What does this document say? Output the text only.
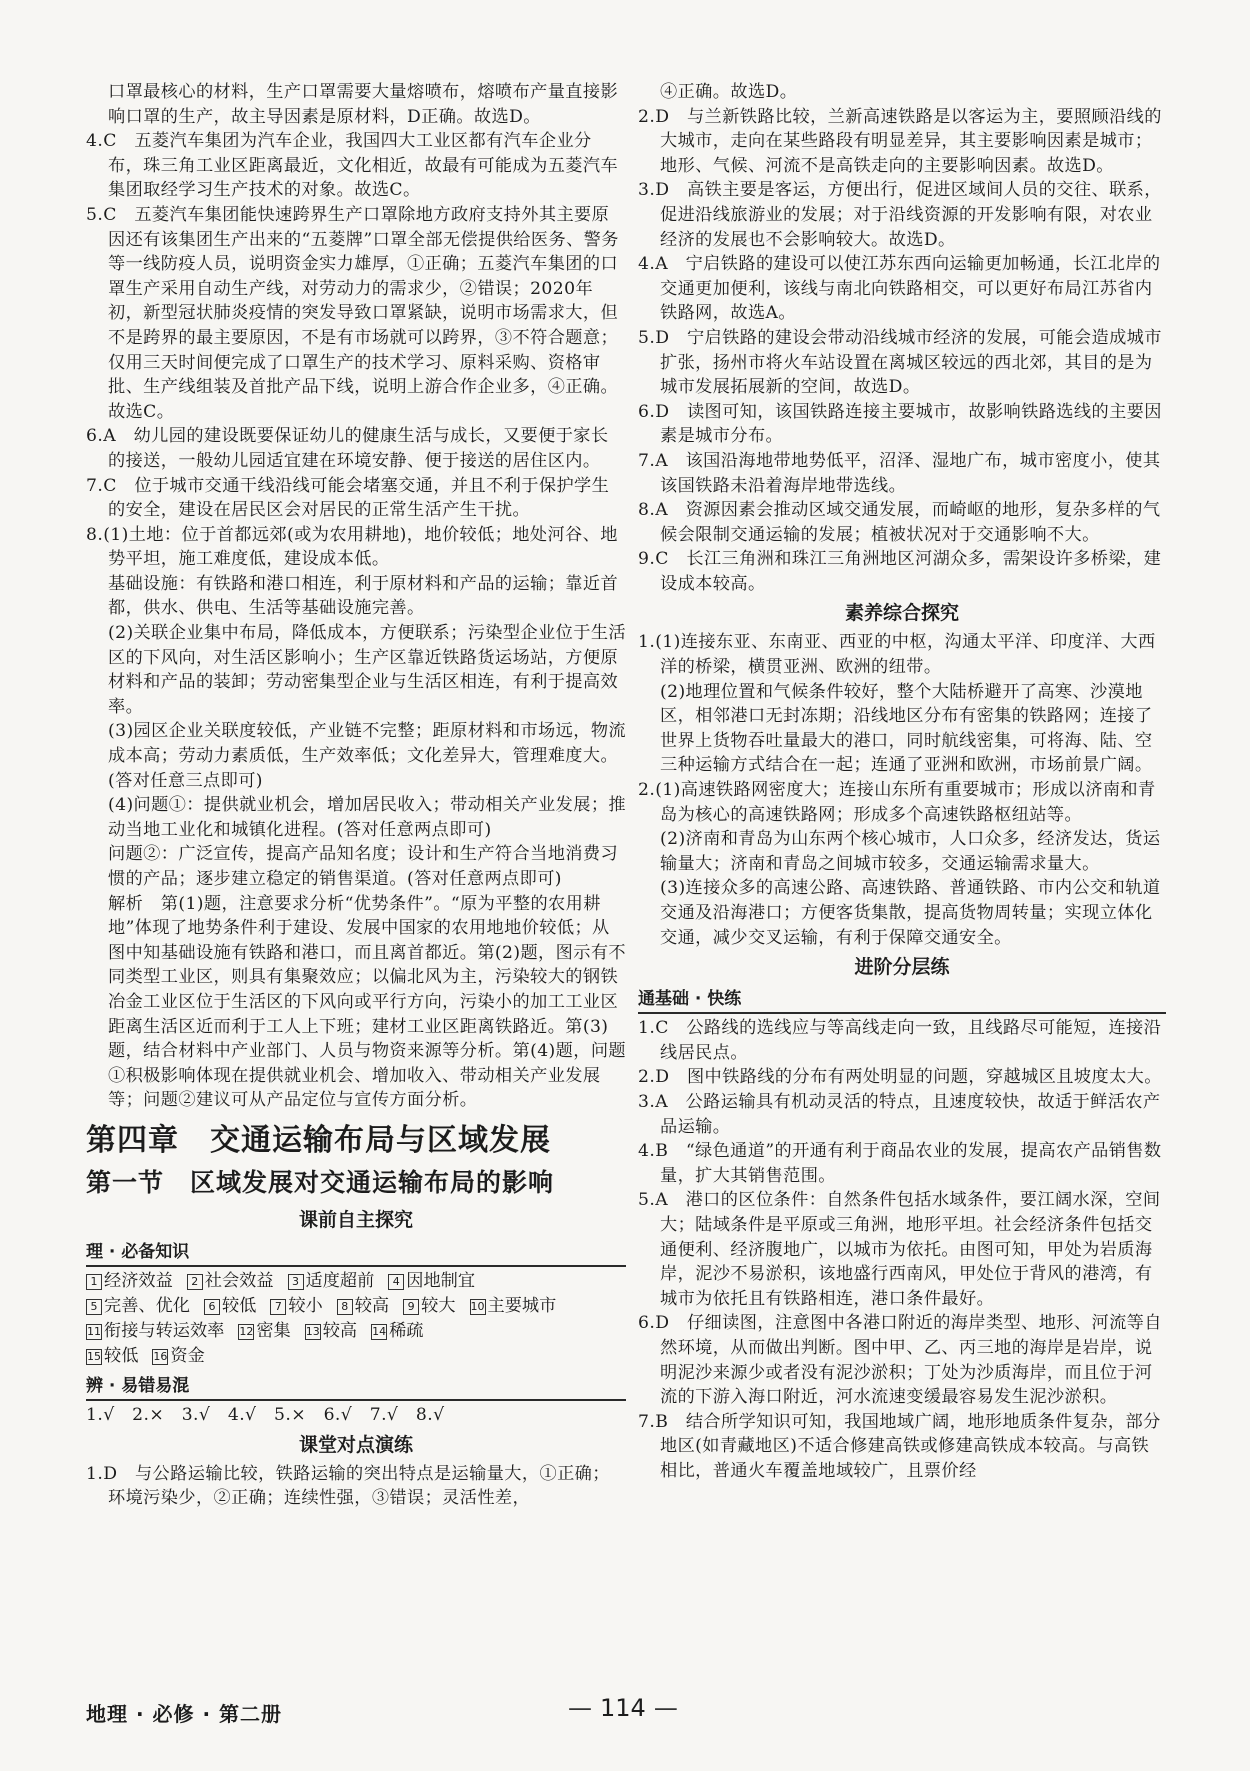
口罩最核心的材料，生产口罩需要大量熔喷布，熔喷布产量直接影响口罩的生产，故主导因素是原材料，D正确。故选D。

4.C　五菱汽车集团为汽车企业，我国四大工业区都有汽车企业分布，珠三角工业区距离最近，文化相近，故最有可能成为五菱汽车集团取经学习生产技术的对象。故选C。

5.C　五菱汽车集团能快速跨界生产口罩除地方政府支持外其主要原因还有该集团生产出来的“五菱牌”口罩全部无偿提供给医务、警务等一线防疫人员，说明资金实力雄厚，①正确；五菱汽车集团的口罩生产采用自动生产线，对劳动力的需求少，②错误；2020年初，新型冠状肺炎疫情的突发导致口罩紧缺，说明市场需求大，但不是跨界的最主要原因，不是有市场就可以跨界，③不符合题意；仅用三天时间便完成了口罩生产的技术学习、原料采购、资格审批、生产线组装及首批产品下线，说明上游合作企业多，④正确。故选C。

6.A　幼儿园的建设既要保证幼儿的健康生活与成长，又要便于家长的接送，一般幼儿园适宜建在环境安静、便于接送的居住区内。

7.C　位于城市交通干线沿线可能会堵塞交通，并且不利于保护学生的安全，建设在居民区会对居民的正常生活产生干扰。

8.(1)土地：位于首都远郊(或为农用耕地)，地价较低；地处河谷、地势平坦，施工难度低，建设成本低。

基础设施：有铁路和港口相连，利于原材料和产品的运输；靠近首都，供水、供电、生活等基础设施完善。

(2)关联企业集中布局，降低成本，方便联系；污染型企业位于生活区的下风向，对生活区影响小；生产区靠近铁路货运场站，方便原材料和产品的装卸；劳动密集型企业与生活区相连，有利于提高效率。

(3)园区企业关联度较低，产业链不完整；距原材料和市场远，物流成本高；劳动力素质低，生产效率低；文化差异大，管理难度大。(答对任意三点即可)

(4)问题①：提供就业机会，增加居民收入；带动相关产业发展；推动当地工业化和城镇化进程。(答对任意两点即可)

问题②：广泛宣传，提高产品知名度；设计和生产符合当地消费习惯的产品；逐步建立稳定的销售渠道。(答对任意两点即可)

解析　第(1)题，注意要求分析“优势条件”。“原为平整的农用耕地”体现了地势条件利于建设、发展中国家的农用地地价较低；从图中知基础设施有铁路和港口，而且离首都近。第(2)题，图示有不同类型工业区，则具有集聚效应；以偏北风为主，污染较大的钢铁冶金工业区位于生活区的下风向或平行方向，污染小的加工工业区距离生活区近而利于工人上下班；建材工业区距离铁路近。第(3)题，结合材料中产业部门、人员与物资来源等分析。第(4)题，问题①积极影响体现在提供就业机会、增加收入、带动相关产业发展等；问题②建议可从产品定位与宣传方面分析。

第四章　交通运输布局与区域发展
第一节　区域发展对交通运输布局的影响
课前自主探究
理 · 必备知识
1 经济效益 2 社会效益 3 适度超前 4 因地制宜
5 完善、优化 6 较低 7 较小 8 较高 9 较大 10 主要城市
11 衔接与转运效率 12 密集 13 较高 14 稀疏
15 较低 16 资金
辨 · 易错易混

1.√　2.×　3.√　4.√　5.×　6.√　7.√　8.√

课堂对点演练

1.D　与公路运输比较，铁路运输的突出特点是运输量大，①正确；环境污染少，②正确；连续性强，③错误；灵活性差，

④正确。故选D。

2.D　与兰新铁路比较，兰新高速铁路是以客运为主，要照顾沿线的大城市，走向在某些路段有明显差异，其主要影响因素是城市；地形、气候、河流不是高铁走向的主要影响因素。故选D。

3.D　高铁主要是客运，方便出行，促进区域间人员的交往、联系，促进沿线旅游业的发展；对于沿线资源的开发影响有限，对农业经济的发展也不会影响较大。故选D。

4.A　宁启铁路的建设可以使江苏东西向运输更加畅通，长江北岸的交通更加便利，该线与南北向铁路相交，可以更好布局江苏省内铁路网，故选A。

5.D　宁启铁路的建设会带动沿线城市经济的发展，可能会造成城市扩张，扬州市将火车站设置在离城区较远的西北郊，其目的是为城市发展拓展新的空间，故选D。

6.D　读图可知，该国铁路连接主要城市，故影响铁路选线的主要因素是城市分布。

7.A　该国沿海地带地势低平，沼泽、湿地广布，城市密度小，使其该国铁路未沿着海岸地带选线。

8.A　资源因素会推动区域交通发展，而崎岖的地形，复杂多样的气候会限制交通运输的发展；植被状况对于交通影响不大。

9.C　长江三角洲和珠江三角洲地区河湖众多，需架设许多桥梁，建设成本较高。

素养综合探究

1.(1)连接东亚、东南亚、西亚的中枢，沟通太平洋、印度洋、大西洋的桥梁，横贯亚洲、欧洲的纽带。

(2)地理位置和气候条件较好，整个大陆桥避开了高寒、沙漠地区，相邻港口无封冻期；沿线地区分布有密集的铁路网；连接了世界上货物吞吐量最大的港口，同时航线密集，可将海、陆、空三种运输方式结合在一起；连通了亚洲和欧洲，市场前景广阔。

2.(1)高速铁路网密度大；连接山东所有重要城市；形成以济南和青岛为核心的高速铁路网；形成多个高速铁路枢纽站等。

(2)济南和青岛为山东两个核心城市，人口众多，经济发达，货运输量大；济南和青岛之间城市较多，交通运输需求量大。

(3)连接众多的高速公路、高速铁路、普通铁路、市内公交和轨道交通及沿海港口；方便客货集散，提高货物周转量；实现立体化交通，减少交叉运输，有利于保障交通安全。

进阶分层练
通基础 · 快练

1.C　公路线的选线应与等高线走向一致，且线路尽可能短，连接沿线居民点。

2.D　图中铁路线的分布有两处明显的问题，穿越城区且坡度太大。

3.A　公路运输具有机动灵活的特点，且速度较快，故适于鲜活农产品运输。

4.B　“绿色通道”的开通有利于商品农业的发展，提高农产品销售数量，扩大其销售范围。

5.A　港口的区位条件：自然条件包括水域条件，要江阔水深，空间大；陆域条件是平原或三角洲，地形平坦。社会经济条件包括交通便利、经济腹地广，以城市为依托。由图可知，甲处为岩质海岸，泥沙不易淤积，该地盛行西南风，甲处位于背风的港湾，有城市为依托且有铁路相连，港口条件最好。

6.D　仔细读图，注意图中各港口附近的海岸类型、地形、河流等自然环境，从而做出判断。图中甲、乙、丙三地的海岸是岩岸，说明泥沙来源少或者没有泥沙淤积；丁处为沙质海岸，而且位于河流的下游入海口附近，河水流速变缓最容易发生泥沙淤积。

7.B　结合所学知识可知，我国地域广阔，地形地质条件复杂，部分地区(如青藏地区)不适合修建高铁或修建高铁成本较高。与高铁相比，普通火车覆盖地域较广，且票价经

地理 · 必修 · 第二册
—	114 —
